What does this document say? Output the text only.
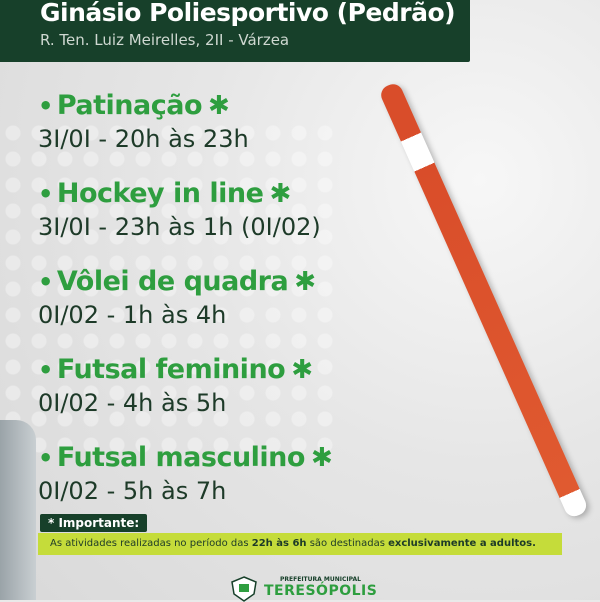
Ginásio Poliesportivo (Pedrão)
R. Ten. Luiz Meirelles, 2II - Várzea
• Patinação ✱
3I/0I - 20h às 23h
• Hockey in line ✱
3I/0I - 23h às 1h (0I/02)
• Vôlei de quadra ✱
0I/02 - 1h às 4h
• Futsal feminino ✱
0I/02 - 4h às 5h
• Futsal masculino ✱
0I/02 - 5h às 7h
* Importante:
As atividades realizadas no período das 22h às 6h são destinadas exclusivamente a adultos.
PREFEITURA MUNICIPAL
TERESÓPOLIS
